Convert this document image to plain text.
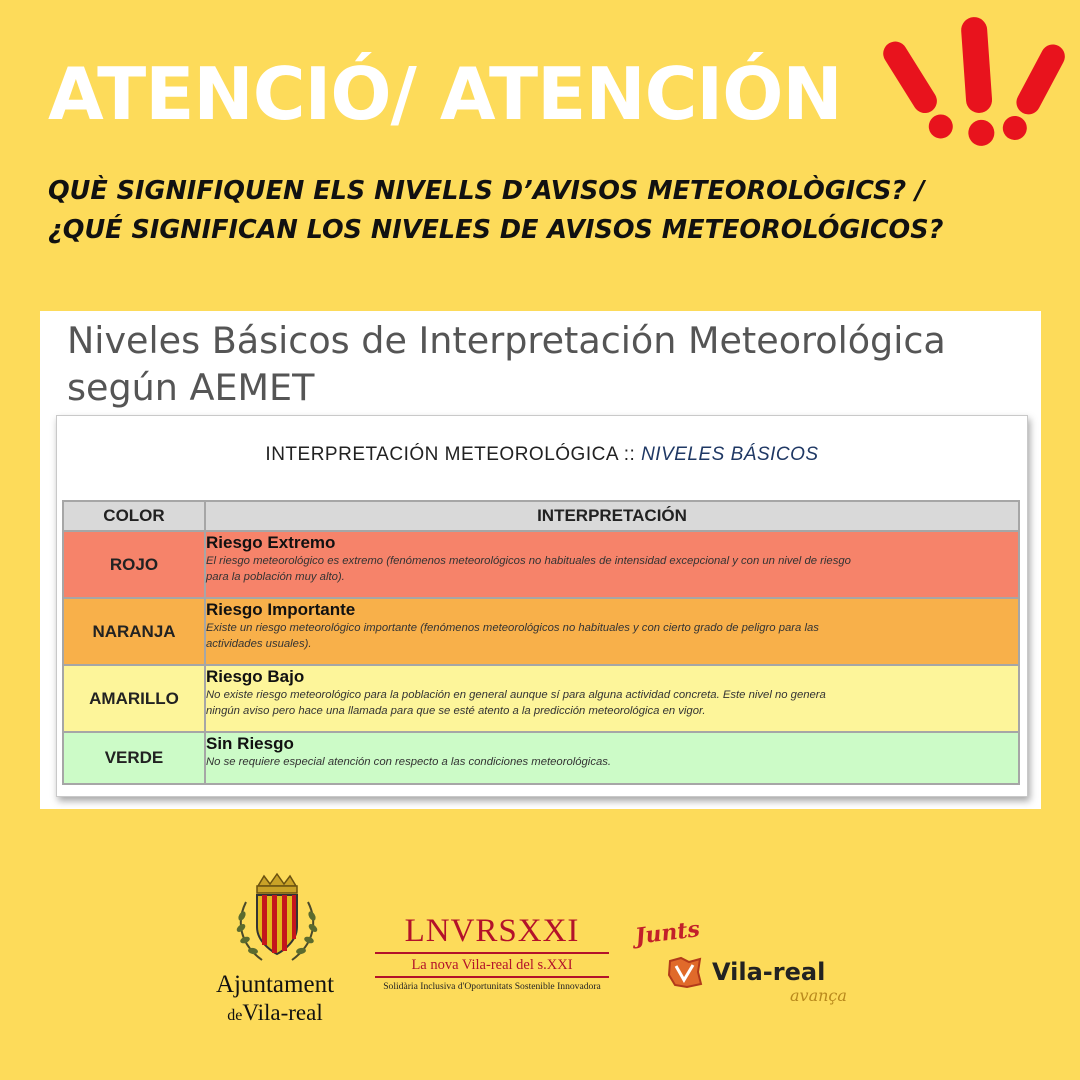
ATENCIÓ/ ATENCIÓN
QUÈ SIGNIFIQUEN ELS NIVELLS D’AVISOS METEOROLÒGICS? /
¿QUÉ SIGNIFICAN LOS NIVELES DE AVISOS METEOROLÓGICOS?
Niveles Básicos de Interpretación Meteorológica
según AEMET
INTERPRETACIÓN METEOROLÓGICA :: NIVELES BÁSICOS
COLOR	INTERPRETACIÓN
ROJO	Riesgo Extremo
El riesgo meteorológico es extremo (fenómenos meteorológicos no habituales de intensidad excepcional y con un nivel de riesgo
para la población muy alto).

NARANJA	Riesgo Importante
Existe un riesgo meteorológico importante (fenómenos meteorológicos no habituales y con cierto grado de peligro para las
actividades usuales).

AMARILLO	Riesgo Bajo
No existe riesgo meteorológico para la población en general aunque sí para alguna actividad concreta. Este nivel no genera
ningún aviso pero hace una llamada para que se esté atento a la predicción meteorológica en vigor.

VERDE	Sin Riesgo
No se requiere especial atención con respecto a las condiciones meteorológicas.
Ajuntament
deVila-real
LNVRSXXI
La nova Vila-real del s.XXI
Solidària Inclusiva d'Oportunitats Sostenible Innovadora
Junts
Vila-real
avança
